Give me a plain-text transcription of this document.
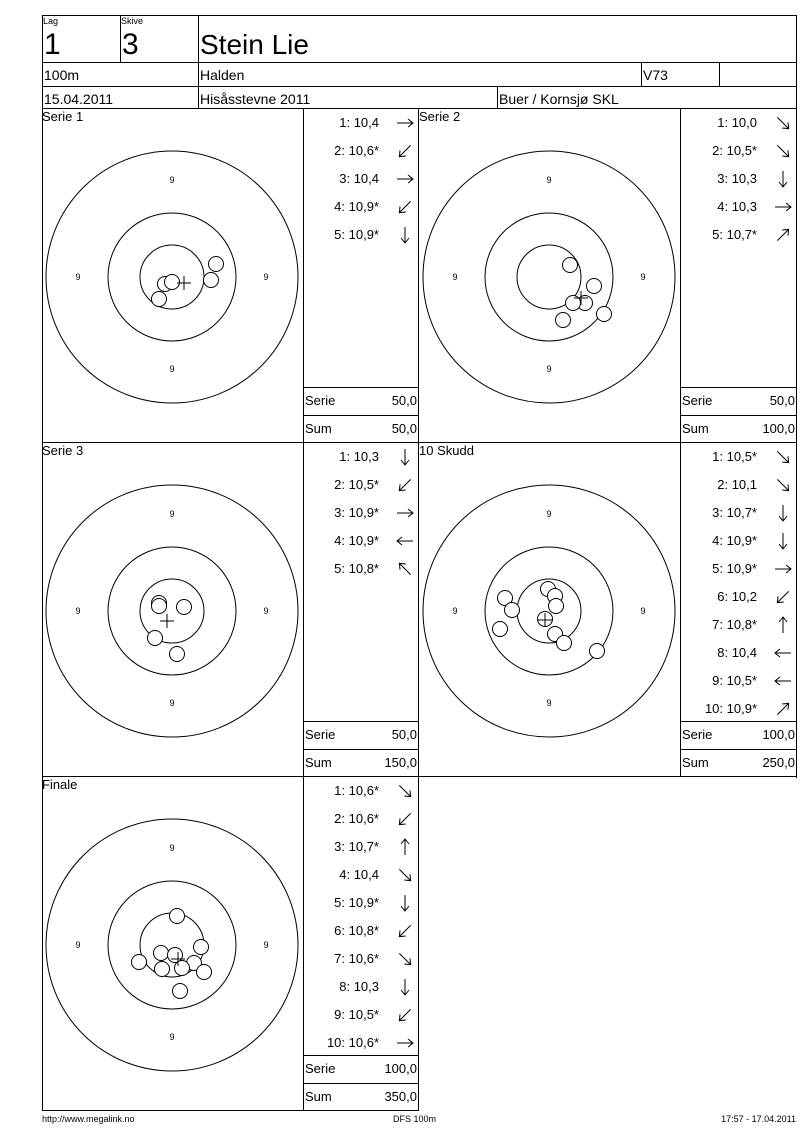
Lag
1
Skive
3 Stein Lie
100m	Halden	V73
15.04.2011	Hisåsstevne 2011	Buer / Kornsjø SKL
Serie 1
9
9
9	9
1: 10,4
2: 10,6*
3: 10,4
4: 10,9*
5: 10,9*
Serie	50,0
Sum	50,0
Serie 2
9
9
9	9
1: 10,0
2: 10,5*
3: 10,3
4: 10,3
5: 10,7*
Serie	50,0
Sum	100,0
Serie 3
9
9
9	9
1: 10,3
2: 10,5*
3: 10,9*
4: 10,9*
5: 10,8*
Serie	50,0
Sum	150,0
10 Skudd
9
9
9	9
1: 10,5*
2: 10,1
3: 10,7*
4: 10,9*
5: 10,9*
6: 10,2
7: 10,8*
8: 10,4
9: 10,5*
10: 10,9*
Serie	100,0
Sum	250,0
Finale
9
9
9	9
1: 10,6*
2: 10,6*
3: 10,7*
4: 10,4
5: 10,9*
6: 10,8*
7: 10,6*
8: 10,3
9: 10,5*
10: 10,6*
Serie	100,0
Sum	350,0
http://www.megalink.no	DFS 100m	17:57 - 17.04.2011
